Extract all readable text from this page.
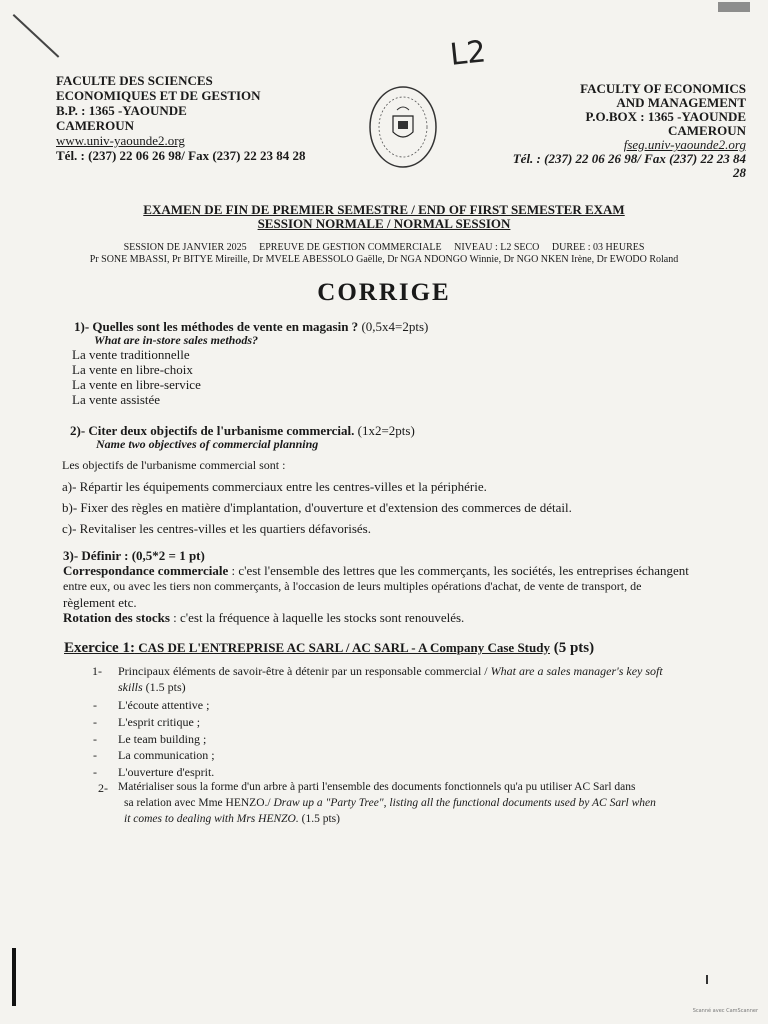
L2
FACULTE DES SCIENCES
ECONOMIQUES ET DE GESTION
B.P. : 1365 -YAOUNDE
CAMEROUN
www.univ-yaounde2.org
Tél. : (237) 22 06 26 98/ Fax (237) 22 23 84 28
FACULTY OF ECONOMICS
AND MANAGEMENT
P.O.BOX : 1365 -YAOUNDE
CAMEROUN
fseg.univ-yaounde2.org
Tél. : (237) 22 06 26 98/ Fax (237) 22 23 84 28
EXAMEN DE FIN DE PREMIER SEMESTRE / END OF FIRST SEMESTER EXAM
SESSION NORMALE / NORMAL SESSION
SESSION DE JANVIER 2025     EPREUVE DE GESTION COMMERCIALE     NIVEAU : L2 SECO     DUREE : 03 HEURES
Pr SONE MBASSI, Pr BITYE Mireille, Dr MVELE ABESSOLO Gaëlle, Dr NGA NDONGO Winnie, Dr NGO NKEN Irène, Dr EWODO Roland
CORRIGE
1)- Quelles sont les méthodes de vente en magasin ? (0,5x4=2pts)
What are in-store sales methods?
La vente traditionnelle
La vente en libre-choix
La vente en libre-service
La vente assistée
2)- Citer deux objectifs de l'urbanisme commercial. (1x2=2pts)
Name two objectives of commercial planning
Les objectifs de l'urbanisme commercial sont :
a)- Répartir les équipements commerciaux entre les centres-villes et la périphérie.
b)- Fixer des règles en matière d'implantation, d'ouverture et d'extension des commerces de détail.
c)- Revitaliser les centres-villes et les quartiers défavorisés.
3)- Définir : (0,5*2 = 1 pt)
Correspondance commerciale : c'est l'ensemble des lettres que les commerçants, les sociétés, les entreprises échangent
entre eux, ou avec les tiers non commerçants, à l'occasion de leurs multiples opérations d'achat, de vente de transport, de
règlement etc.
Rotation des stocks : c'est la fréquence à laquelle les stocks sont renouvelés.
Exercice 1: CAS DE L'ENTREPRISE AC SARL / AC SARL - A Company Case Study (5 pts)
1- Principaux éléments de savoir-être à détenir par un responsable commercial / What are a sales manager's key soft
skills (1.5 pts)
- L'écoute attentive ;
- L'esprit critique ;
- Le team building ;
- La communication ;
- L'ouverture d'esprit.
2- Matérialiser sous la forme d'un arbre à parti l'ensemble des documents fonctionnels qu'a pu utiliser AC Sarl dans
sa relation avec Mme HENZO./ Draw up a "Party Tree", listing all the functional documents used by AC Sarl when
it comes to dealing with Mrs HENZO. (1.5 pts)
Scanné avec CamScanner
